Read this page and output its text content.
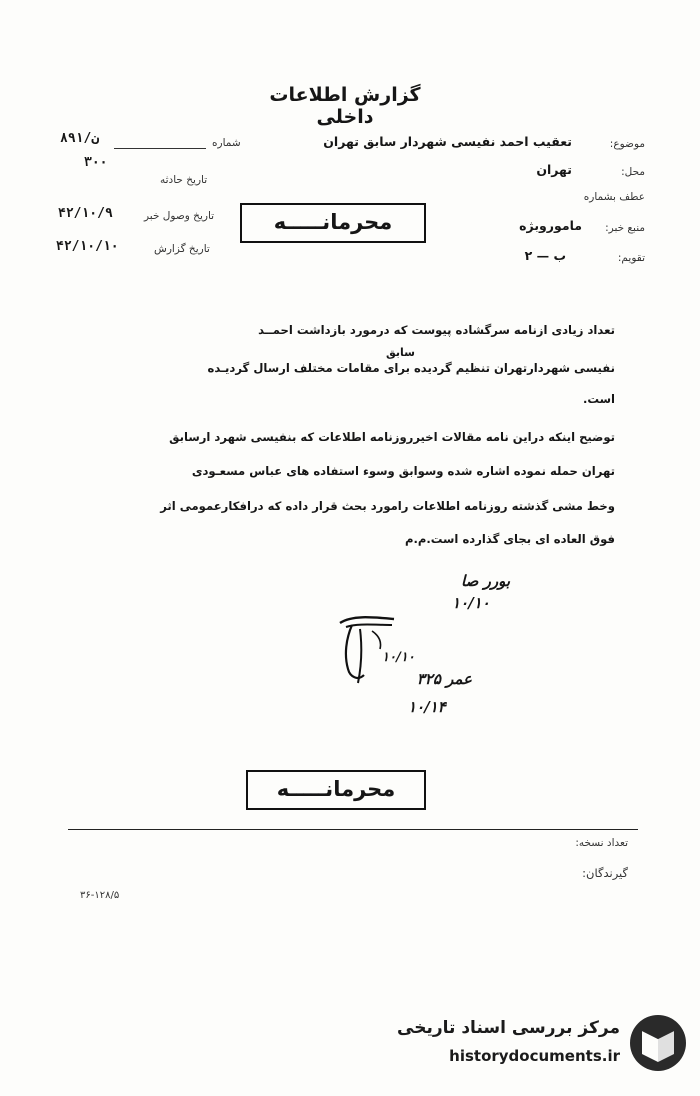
گزارش اطلاعات داخلی
موضوع:
تعقیب احمد نفیسی شهردار سابق تهران
محل:
تهران
عطف بشماره
منبع خبر:
ماموروبژه
تقویم:
ب — ۲
شماره
۸۹۱/ن
۳۰۰
تاریخ حادثه
تاریخ وصول خبر
۴۲/۱۰/۹
تاریخ گزارش
۴۲/۱۰/۱۰
محرمانـــــه
تعداد زیادی ازنامه سرگشاده پیوست که درمورد بازداشت احمــد
سابق
نفیسی شهردارتهران تنظیم گردیده برای مقامات مختلف ارسال گردیـده
است.
توضیح اینکه دراین نامه مقالات اخیرروزنامه اطلاعات که بنفیسی شهرد ارسابق
تهران حمله نموده اشاره شده وسوابق وسوء استفاده های عباس مسعـودی
وخط مشی گذشته روزنامه اطلاعات رامورد بحث قرار داده که درافکارعمومی اثر
فوق العاده ای بجای گذارده است.م.م
بورر صا
۱۰/۱۰
۱۰/۱۰
عمر ۳۲۵
۱۰/۱۴
محرمانـــــه
تعداد نسخه:
گیرندگان:
۳۶-۱۲۸/۵
مرکز بررسی اسناد تاریخی
historydocuments.ir
